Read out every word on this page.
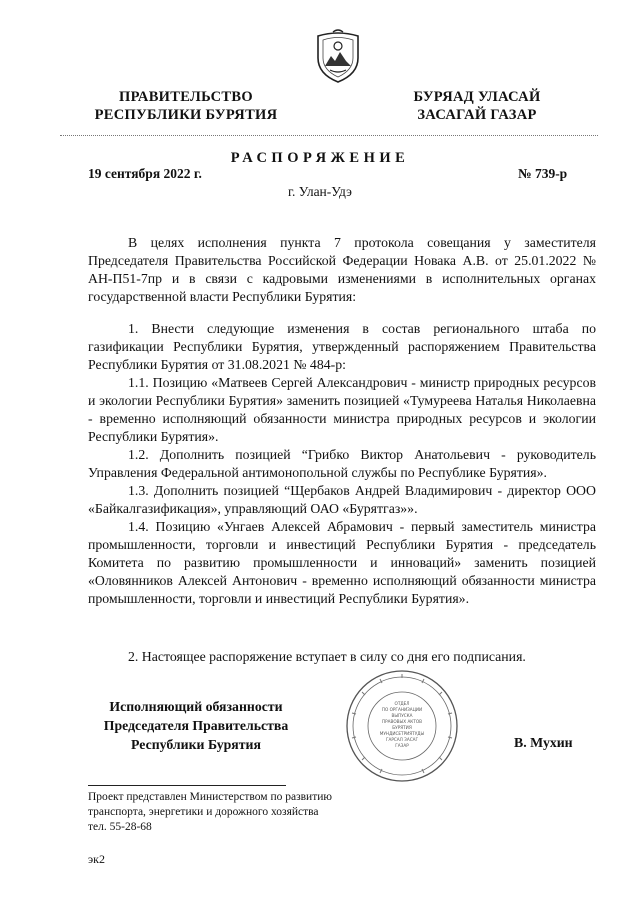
ПРАВИТЕЛЬСТВО
РЕСПУБЛИКИ БУРЯТИЯ
БУРЯАД УЛАСАЙ
ЗАСАГАЙ ГАЗАР
РАСПОРЯЖЕНИЕ
19 сентября 2022 г.	№ 739-р
г. Улан-Удэ

В целях исполнения пункта 7 протокола совещания у заместителя Председателя Правительства Российской Федерации Новака А.В. от 25.01.2022 № АН-П51-7пр и в связи с кадровыми изменениями в исполнительных органах государственной власти Республики Бурятия:

1. Внести следующие изменения в состав регионального штаба по газификации Республики Бурятия, утвержденный распоряжением Правительства Республики Бурятия от 31.08.2021 № 484-р:

1.1. Позицию «Матвеев Сергей Александрович - министр природных ресурсов и экологии Республики Бурятия» заменить позицией «Тумуреева Наталья Николаевна - временно исполняющий обязанности министра природных ресурсов и экологии Республики Бурятия».

1.2. Дополнить позицией “Грибко Виктор Анатольевич - руководитель Управления Федеральной антимонопольной службы по Республике Бурятия».

1.3. Дополнить позицией “Щербаков Андрей Владимирович - директор ООО «Байкалгазификация», управляющий ОАО «Бурятгаз»».

1.4. Позицию «Унгаев Алексей Абрамович - первый заместитель министра промышленности, торговли и инвестиций Республики Бурятия - председатель Комитета по развитию промышленности и инноваций» заменить позицией «Оловянников Алексей Антонович - временно исполняющий обязанности министра промышленности, торговли и инвестиций Республики Бурятия».

2. Настоящее распоряжение вступает в силу со дня его подписания.

Исполняющий обязанности
Председателя Правительства
Республики Бурятия
ОТДЕЛ
ПО ОРГАНИЗАЦИИ
ВЫПУСКА
ПРАВОВЫХ АКТОВ
БУРЯТИЯ
МУНДИСЕТРИЯТУДЫ
ГАРСАЛ ЗАСАГ
ГАЗАР	В. Мухин
Проект представлен Министерством по развитию
транспорта, энергетики и дорожного хозяйства
тел. 55-28-68
эк2
